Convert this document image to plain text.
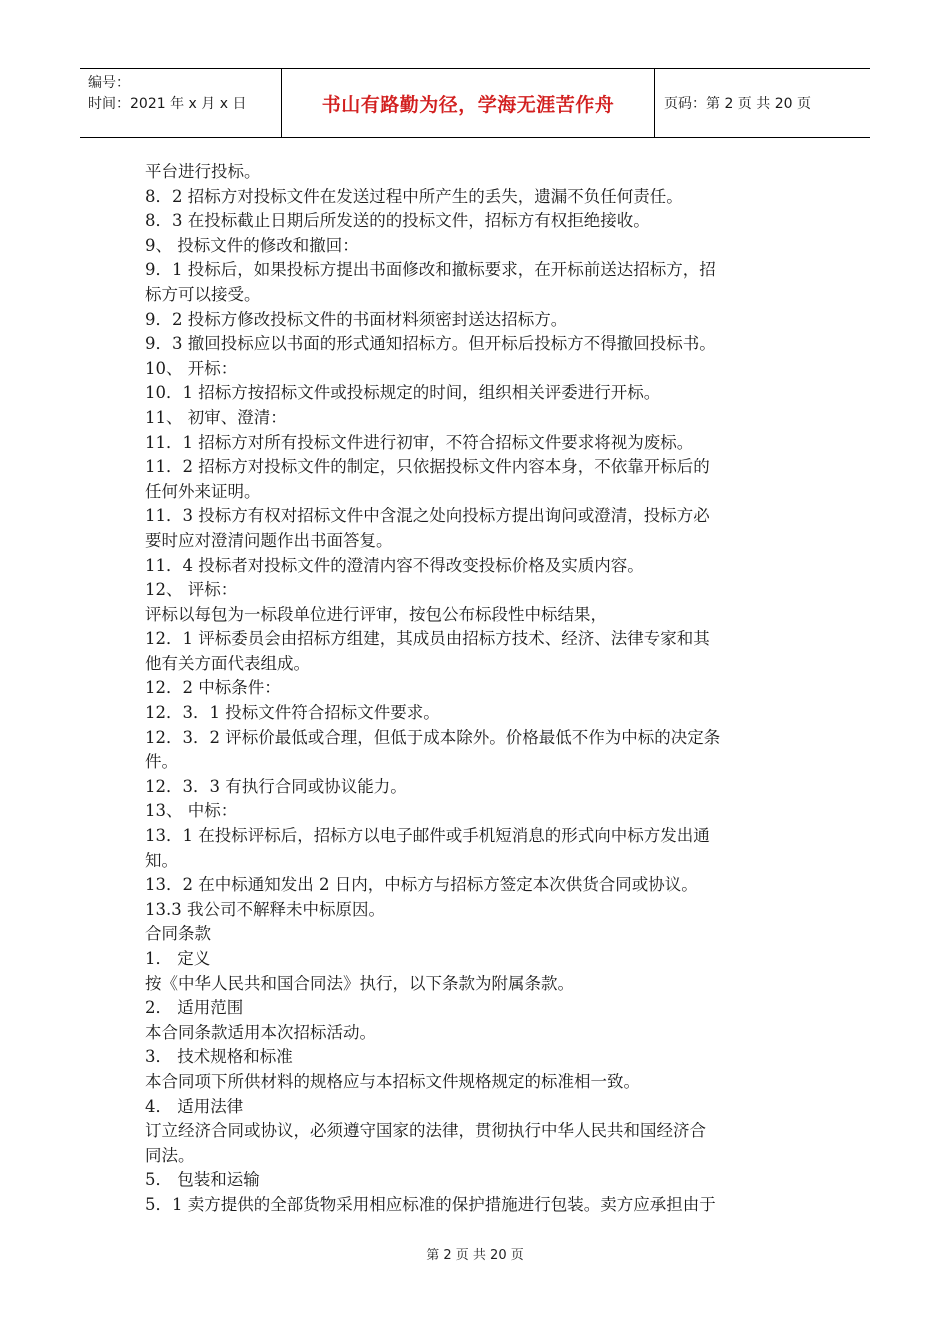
编号：
时间：2021 年 x 月 x 日	书山有路勤为径，学海无涯苦作舟	页码：第 2 页 共 20 页
平台进行投标。
8．2 招标方对投标文件在发送过程中所产生的丢失，遗漏不负任何责任。
8．3 在投标截止日期后所发送的的投标文件，招标方有权拒绝接收。
9、 投标文件的修改和撤回：
9．1 投标后，如果投标方提出书面修改和撤标要求，在开标前送达招标方，招
标方可以接受。
9．2 投标方修改投标文件的书面材料须密封送达招标方。
9．3 撤回投标应以书面的形式通知招标方。但开标后投标方不得撤回投标书。
10、 开标：
10．1 招标方按招标文件或投标规定的时间，组织相关评委进行开标。
11、 初审、澄清：
11．1 招标方对所有投标文件进行初审，不符合招标文件要求将视为废标。
11．2 招标方对投标文件的制定，只依据投标文件内容本身，不依靠开标后的
任何外来证明。
11．3 投标方有权对招标文件中含混之处向投标方提出询问或澄清，投标方必
要时应对澄清问题作出书面答复。
11．4 投标者对投标文件的澄清内容不得改变投标价格及实质内容。
12、 评标：
评标以每包为一标段单位进行评审，按包公布标段性中标结果，
12．1 评标委员会由招标方组建，其成员由招标方技术、经济、法律专家和其
他有关方面代表组成。
12．2 中标条件：
12．3．1 投标文件符合招标文件要求。
12．3．2 评标价最低或合理，但低于成本除外。价格最低不作为中标的决定条
件。
12．3．3 有执行合同或协议能力。
13、 中标：
13．1 在投标评标后，招标方以电子邮件或手机短消息的形式向中标方发出通
知。
13．2 在中标通知发出 2 日内，中标方与招标方签定本次供货合同或协议。
13.3 我公司不解释未中标原因。
合同条款
1． 定义
按《中华人民共和国合同法》执行，以下条款为附属条款。
2． 适用范围
本合同条款适用本次招标活动。
3． 技术规格和标准
本合同项下所供材料的规格应与本招标文件规格规定的标准相一致。
4． 适用法律
订立经济合同或协议，必须遵守国家的法律，贯彻执行中华人民共和国经济合
同法。
5． 包装和运输
5．1 卖方提供的全部货物采用相应标准的保护措施进行包装。卖方应承担由于
第 2 页 共 20 页
